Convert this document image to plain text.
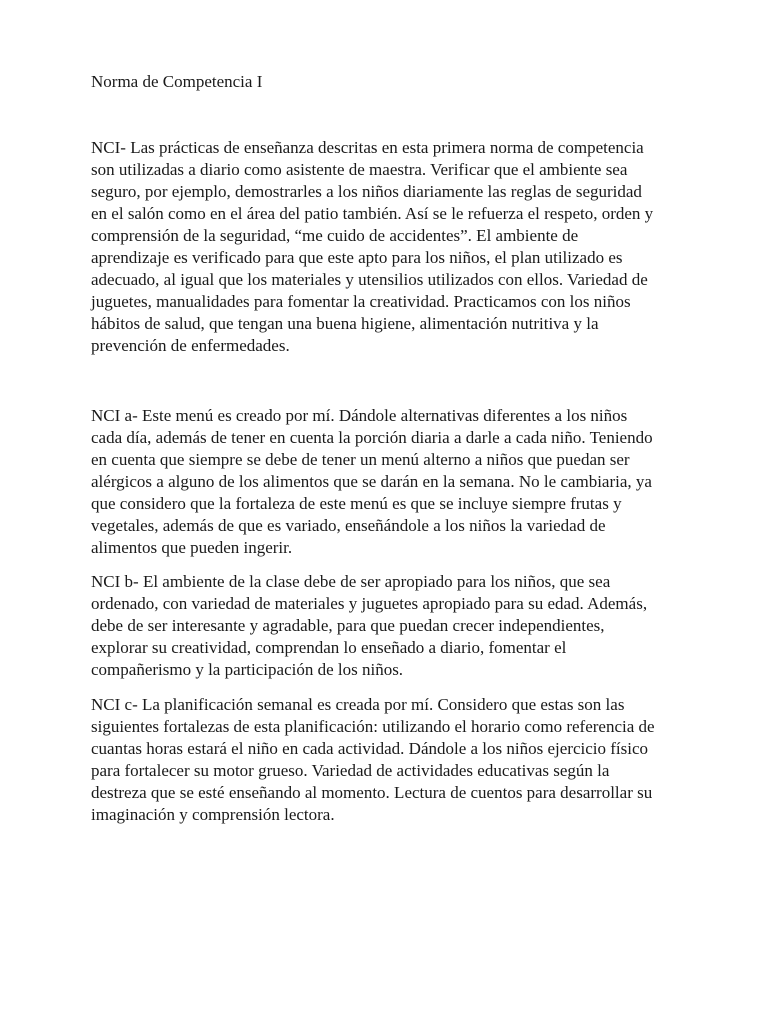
Norma de Competencia I

NCI- Las prácticas de enseñanza descritas en esta primera norma de competencia
son utilizadas a diario como asistente de maestra. Verificar que el ambiente sea
seguro, por ejemplo, demostrarles a los niños diariamente las reglas de seguridad
en el salón como en el área del patio también. Así se le refuerza el respeto, orden y
comprensión de la seguridad, “me cuido de accidentes”. El ambiente de
aprendizaje es verificado para que este apto para los niños, el plan utilizado es
adecuado, al igual que los materiales y utensilios utilizados con ellos. Variedad de
juguetes, manualidades para fomentar la creatividad. Practicamos con los niños
hábitos de salud, que tengan una buena higiene, alimentación nutritiva y la
prevención de enfermedades.

NCI a- Este menú es creado por mí. Dándole alternativas diferentes a los niños
cada día, además de tener en cuenta la porción diaria a darle a cada niño. Teniendo
en cuenta que siempre se debe de tener un menú alterno a niños que puedan ser
alérgicos a alguno de los alimentos que se darán en la semana. No le cambiaria, ya
que considero que la fortaleza de este menú es que se incluye siempre frutas y
vegetales, además de que es variado, enseñándole a los niños la variedad de
alimentos que pueden ingerir.

NCI b- El ambiente de la clase debe de ser apropiado para los niños, que sea
ordenado, con variedad de materiales y juguetes apropiado para su edad. Además,
debe de ser interesante y agradable, para que puedan crecer independientes,
explorar su creatividad, comprendan lo enseñado a diario, fomentar el
compañerismo y la participación de los niños.

NCI c- La planificación semanal es creada por mí. Considero que estas son las
siguientes fortalezas de esta planificación: utilizando el horario como referencia de
cuantas horas estará el niño en cada actividad. Dándole a los niños ejercicio físico
para fortalecer su motor grueso. Variedad de actividades educativas según la
destreza que se esté enseñando al momento. Lectura de cuentos para desarrollar su
imaginación y comprensión lectora.
